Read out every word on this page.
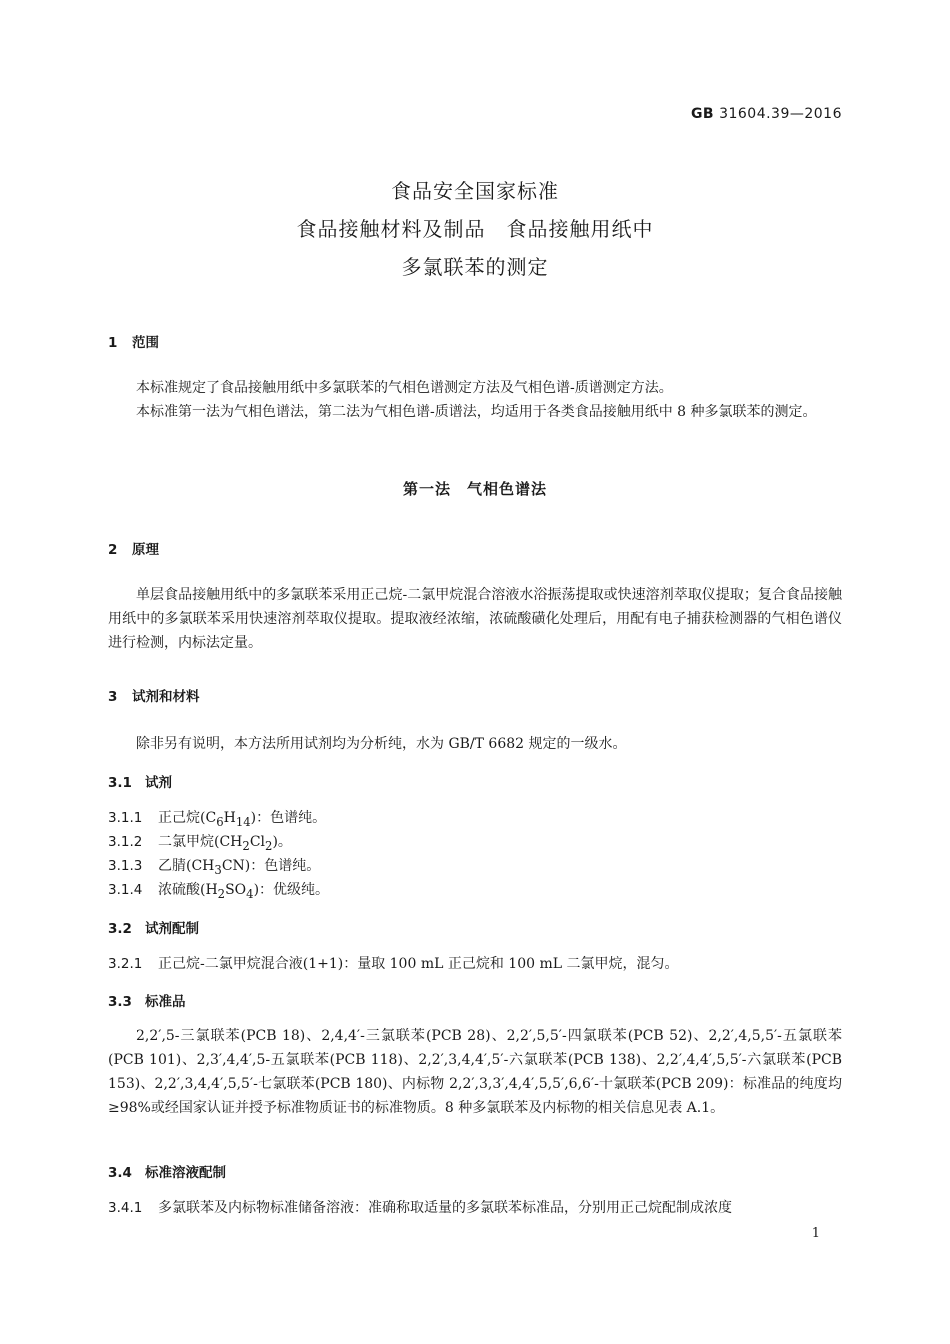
GB 31604.39—2016
食品安全国家标准
食品接触材料及制品　食品接触用纸中
多氯联苯的测定
1 范围
本标准规定了食品接触用纸中多氯联苯的气相色谱测定方法及气相色谱-质谱测定方法。
本标准第一法为气相色谱法，第二法为气相色谱-质谱法，均适用于各类食品接触用纸中 8 种多氯联苯的测定。
第一法　气相色谱法
2 原理
单层食品接触用纸中的多氯联苯采用正己烷-二氯甲烷混合溶液水浴振荡提取或快速溶剂萃取仪提取；复合食品接触用纸中的多氯联苯采用快速溶剂萃取仪提取。提取液经浓缩，浓硫酸磺化处理后，用配有电子捕获检测器的气相色谱仪进行检测，内标法定量。
3 试剂和材料
除非另有说明，本方法所用试剂均为分析纯，水为 GB/T 6682 规定的一级水。
3.1 试剂
3.1.1 正己烷$(C_6H_{14})$：色谱纯。
3.1.2 二氯甲烷$(CH_2Cl_2)$。
3.1.3 乙腈$(CH_3CN)$：色谱纯。
3.1.4 浓硫酸$(H_2SO_4)$：优级纯。
3.2 试剂配制
3.2.1 正己烷-二氯甲烷混合液(1+1)：量取 100 mL 正己烷和 100 mL 二氯甲烷，混匀。
3.3 标准品
2,2′,5-三氯联苯(PCB 18)、2,4,4′-三氯联苯(PCB 28)、2,2′,5,5′-四氯联苯(PCB 52)、2,2′,4,5,5′-五氯联苯(PCB 101)、2,3′,4,4′,5-五氯联苯(PCB 118)、2,2′,3,4,4′,5′-六氯联苯(PCB 138)、2,2′,4,4′,5,5′-六氯联苯(PCB 153)、2,2′,3,4,4′,5,5′-七氯联苯(PCB 180)、内标物 2,2′,3,3′,4,4′,5,5′,6,6′-十氯联苯(PCB 209)：标准品的纯度均≥98%或经国家认证并授予标准物质证书的标准物质。8 种多氯联苯及内标物的相关信息见表 A.1。
3.4 标准溶液配制
3.4.1 多氯联苯及内标物标准储备溶液：准确称取适量的多氯联苯标准品，分别用正己烷配制成浓度
1
